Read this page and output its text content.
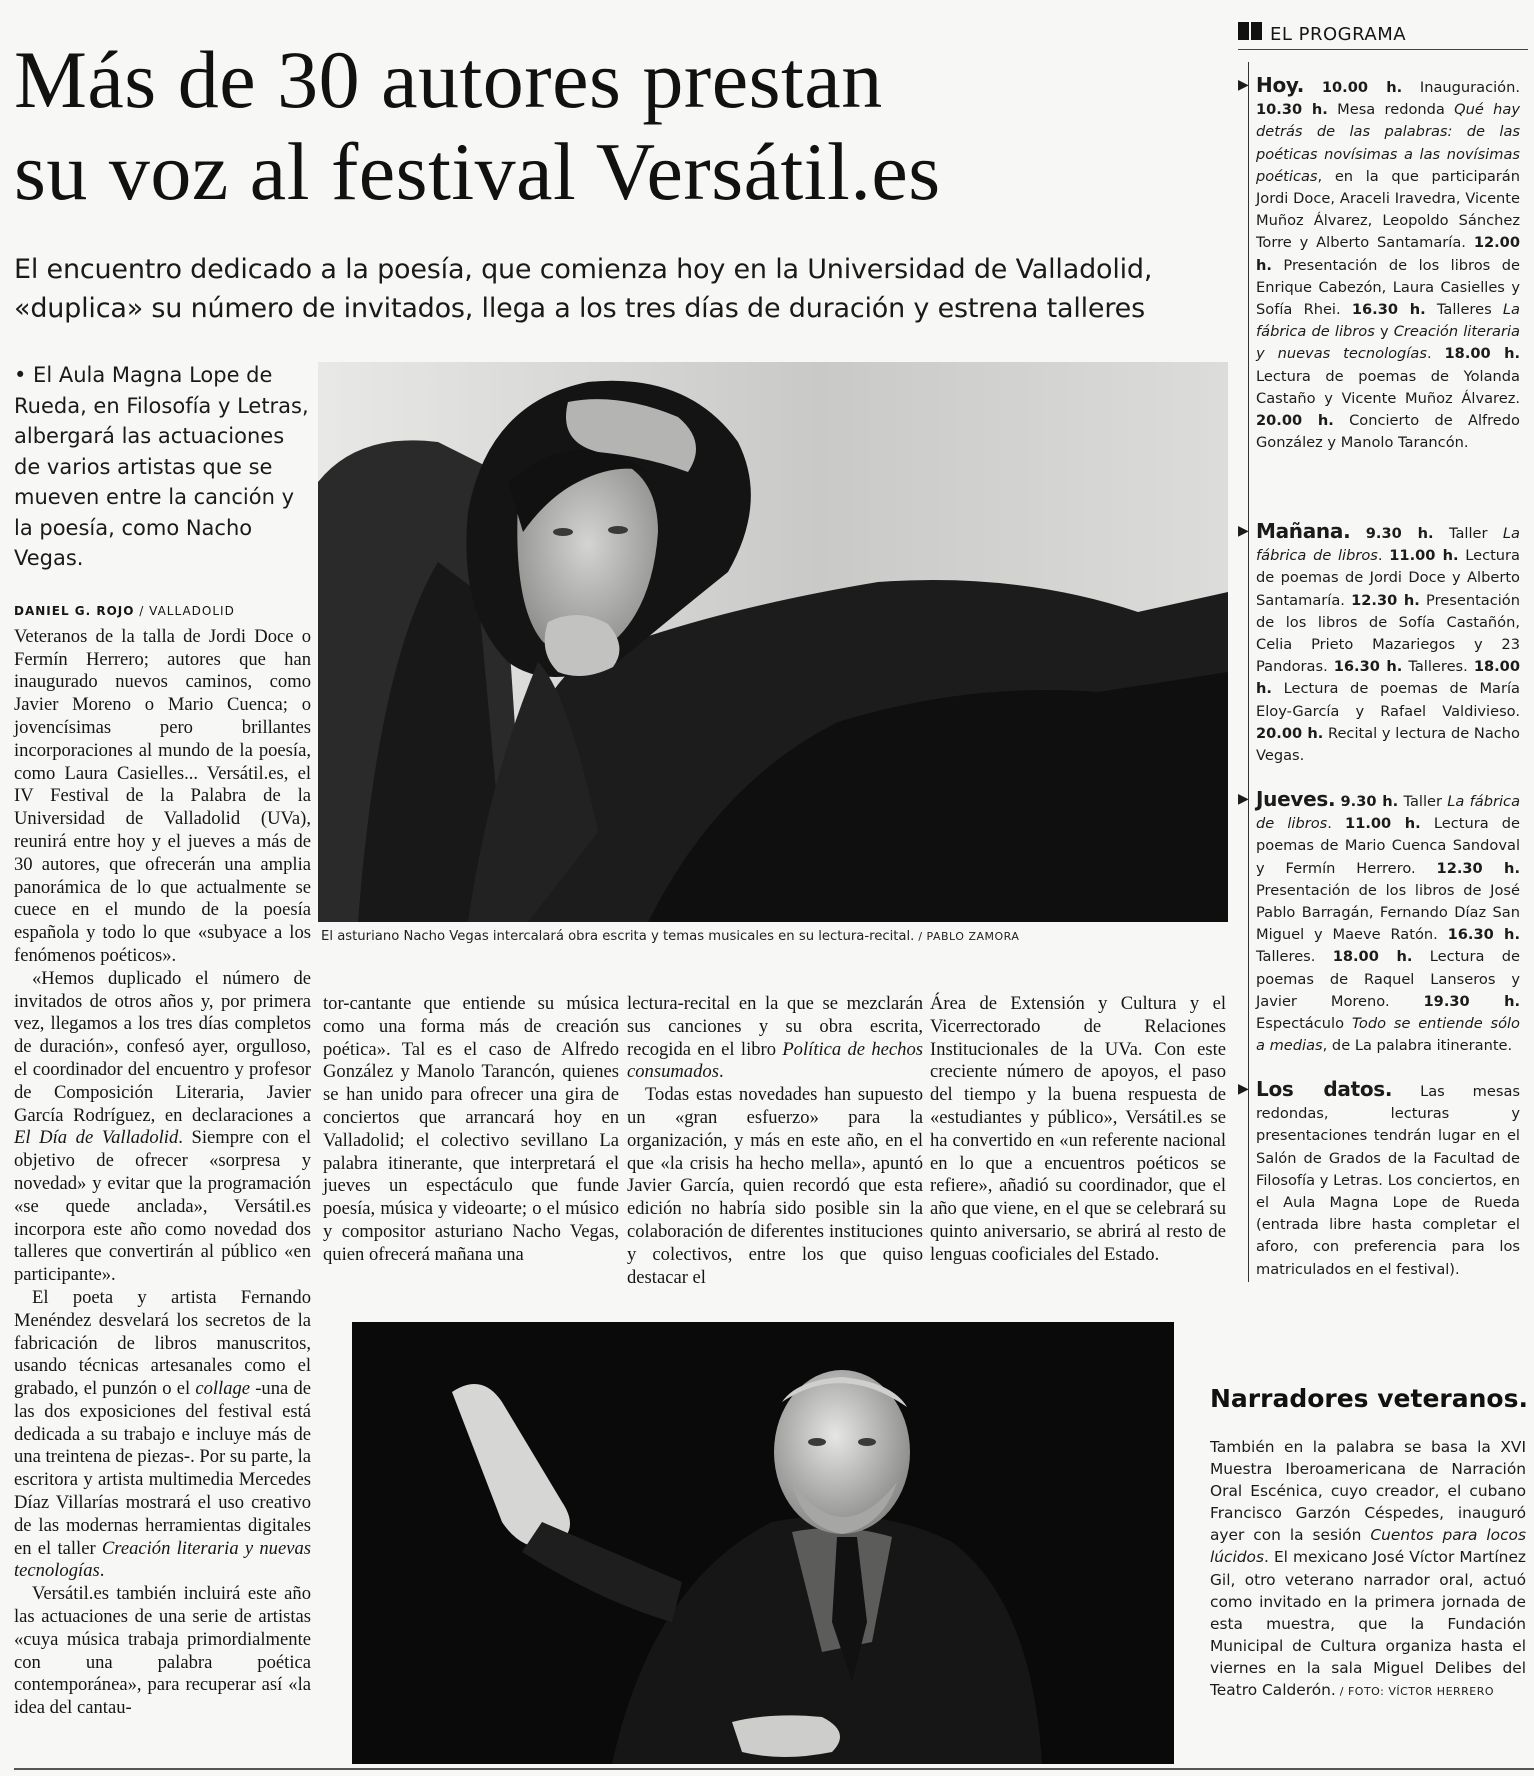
Más de 30 autores prestan
su voz al festival Versátil.es
El encuentro dedicado a la poesía, que comienza hoy en la Universidad de Valladolid, «duplica» su número de invitados, llega a los tres días de duración y estrena talleres
• El Aula Magna Lope de Rueda, en Filosofía y Letras, albergará las actuaciones de varios artistas que se mueven entre la canción y la poesía, como Nacho Vegas.
DANIEL G. ROJO / VALLADOLID

Veteranos de la talla de Jordi Doce o Fermín Herrero; autores que han inaugurado nuevos caminos, como Javier Moreno o Mario Cuenca; o jovencísimas pero brillantes incorporaciones al mundo de la poesía, como Laura Casielles... Versátil.es, el IV Festival de la Palabra de la Universidad de Valladolid (UVa), reunirá entre hoy y el jueves a más de 30 autores, que ofrecerán una amplia panorámica de lo que actualmente se cuece en el mundo de la poesía española y todo lo que «subyace a los fenómenos poéticos».

«Hemos duplicado el número de invitados de otros años y, por primera vez, llegamos a los tres días completos de duración», confesó ayer, orgulloso, el coordinador del encuentro y profesor de Composición Literaria, Javier García Rodríguez, en declaraciones a El Día de Valladolid. Siempre con el objetivo de ofrecer «sorpresa y novedad» y evitar que la programación «se quede anclada», Versátil.es incorpora este año como novedad dos talleres que convertirán al público «en participante».

El poeta y artista Fernando Menéndez desvelará los secretos de la fabricación de libros manuscritos, usando técnicas artesanales como el grabado, el punzón o el collage -una de las dos exposiciones del festival está dedicada a su trabajo e incluye más de una treintena de piezas-. Por su parte, la escritora y artista multimedia Mercedes Díaz Villarías mostrará el uso creativo de las modernas herramientas digitales en el taller Creación literaria y nuevas tecnologías.

Versátil.es también incluirá este año las actuaciones de una serie de artistas «cuya música trabaja primordialmente con una palabra poética contemporánea», para recuperar así «la idea del cantau-

tor-cantante que entiende su música como una forma más de creación poética». Tal es el caso de Alfredo González y Manolo Tarancón, quienes se han unido para ofrecer una gira de conciertos que arrancará hoy en Valladolid; el colectivo sevillano La palabra itinerante, que interpretará el jueves un espectáculo que funde poesía, música y videoarte; o el músico y compositor asturiano Nacho Vegas, quien ofrecerá mañana una

lectura-recital en la que se mezclarán sus canciones y su obra escrita, recogida en el libro Política de hechos consumados.

Todas estas novedades han supuesto un «gran esfuerzo» para la organización, y más en este año, en el que «la crisis ha hecho mella», apuntó Javier García, quien recordó que esta edición no habría sido posible sin la colaboración de diferentes instituciones y colectivos, entre los que quiso destacar el

Área de Extensión y Cultura y el Vicerrectorado de Relaciones Institucionales de la UVa. Con este creciente número de apoyos, el paso del tiempo y la buena respuesta de «estudiantes y público», Versátil.es se ha convertido en «un referente nacional en lo que a encuentros poéticos se refiere», añadió su coordinador, que el año que viene, en el que se celebrará su quinto aniversario, se abrirá al resto de lenguas cooficiales del Estado.

El asturiano Nacho Vegas intercalará obra escrita y temas musicales en su lectura-recital. / PABLO ZAMORA
EL PROGRAMA
▶ Hoy. 10.00 h. Inauguración. 10.30 h. Mesa redonda Qué hay detrás de las palabras: de las poéticas novísimas a las novísimas poéticas, en la que participarán Jordi Doce, Araceli Iravedra, Vicente Muñoz Álvarez, Leopoldo Sánchez Torre y Alberto Santamaría. 12.00 h. Presentación de los libros de Enrique Cabezón, Laura Casielles y Sofía Rhei. 16.30 h. Talleres La fábrica de libros y Creación literaria y nuevas tecnologías. 18.00 h. Lectura de poemas de Yolanda Castaño y Vicente Muñoz Álvarez. 20.00 h. Concierto de Alfredo González y Manolo Tarancón.
▶ Mañana. 9.30 h. Taller La fábrica de libros. 11.00 h. Lectura de poemas de Jordi Doce y Alberto Santamaría. 12.30 h. Presentación de los libros de Sofía Castañón, Celia Prieto Mazariegos y 23 Pandoras. 16.30 h. Talleres. 18.00 h. Lectura de poemas de María Eloy-García y Rafael Valdivieso. 20.00 h. Recital y lectura de Nacho Vegas.
▶ Jueves. 9.30 h. Taller La fábrica de libros. 11.00 h. Lectura de poemas de Mario Cuenca Sandoval y Fermín Herrero. 12.30 h. Presentación de los libros de José Pablo Barragán, Fernando Díaz San Miguel y Maeve Ratón. 16.30 h. Talleres. 18.00 h. Lectura de poemas de Raquel Lanseros y Javier Moreno. 19.30 h. Espectáculo Todo se entiende sólo a medias, de La palabra itinerante.
▶ Los datos. Las mesas redondas, lecturas y presentaciones tendrán lugar en el Salón de Grados de la Facultad de Filosofía y Letras. Los conciertos, en el Aula Magna Lope de Rueda (entrada libre hasta completar el aforo, con preferencia para los matriculados en el festival).
Narradores veteranos.
También en la palabra se basa la XVI Muestra Iberoamericana de Narración Oral Escénica, cuyo creador, el cubano Francisco Garzón Céspedes, inauguró ayer con la sesión Cuentos para locos lúcidos. El mexicano José Víctor Martínez Gil, otro veterano narrador oral, actuó como invitado en la primera jornada de esta muestra, que la Fundación Municipal de Cultura organiza hasta el viernes en la sala Miguel Delibes del Teatro Calderón. / FOTO: VÍCTOR HERRERO
